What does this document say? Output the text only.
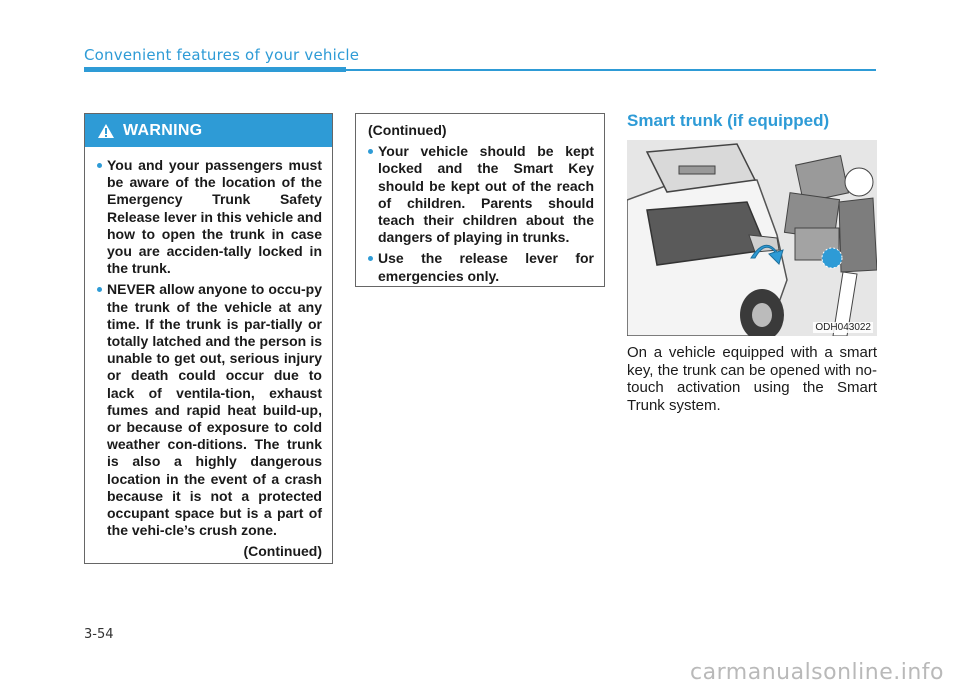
Convenient features of your vehicle
WARNING
You and your passengers must be aware of the location of the Emergency Trunk Safety Release lever in this vehicle and how to open the trunk in case you are acciden-tally locked in the trunk.
NEVER allow anyone to occu-py the trunk of the vehicle at any time. If the trunk is par-tially or totally latched and the person is unable to get out, serious injury or death could occur due to lack of ventila-tion, exhaust fumes and rapid heat build-up, or because of exposure to cold weather con-ditions. The trunk is also a highly dangerous location in the event of a crash because it is not a protected occupant space but is a part of the vehi-cle’s crush zone.
(Continued)
(Continued)
Your vehicle should be kept locked and the Smart Key should be kept out of the reach of children. Parents should teach their children about the dangers of playing in trunks.
Use the release lever for emergencies only.
Smart trunk (if equipped)
ODH043022
On a vehicle equipped with a smart key, the trunk can be opened with no-touch activation using the Smart Trunk system.
3-54
carmanualsonline.info
